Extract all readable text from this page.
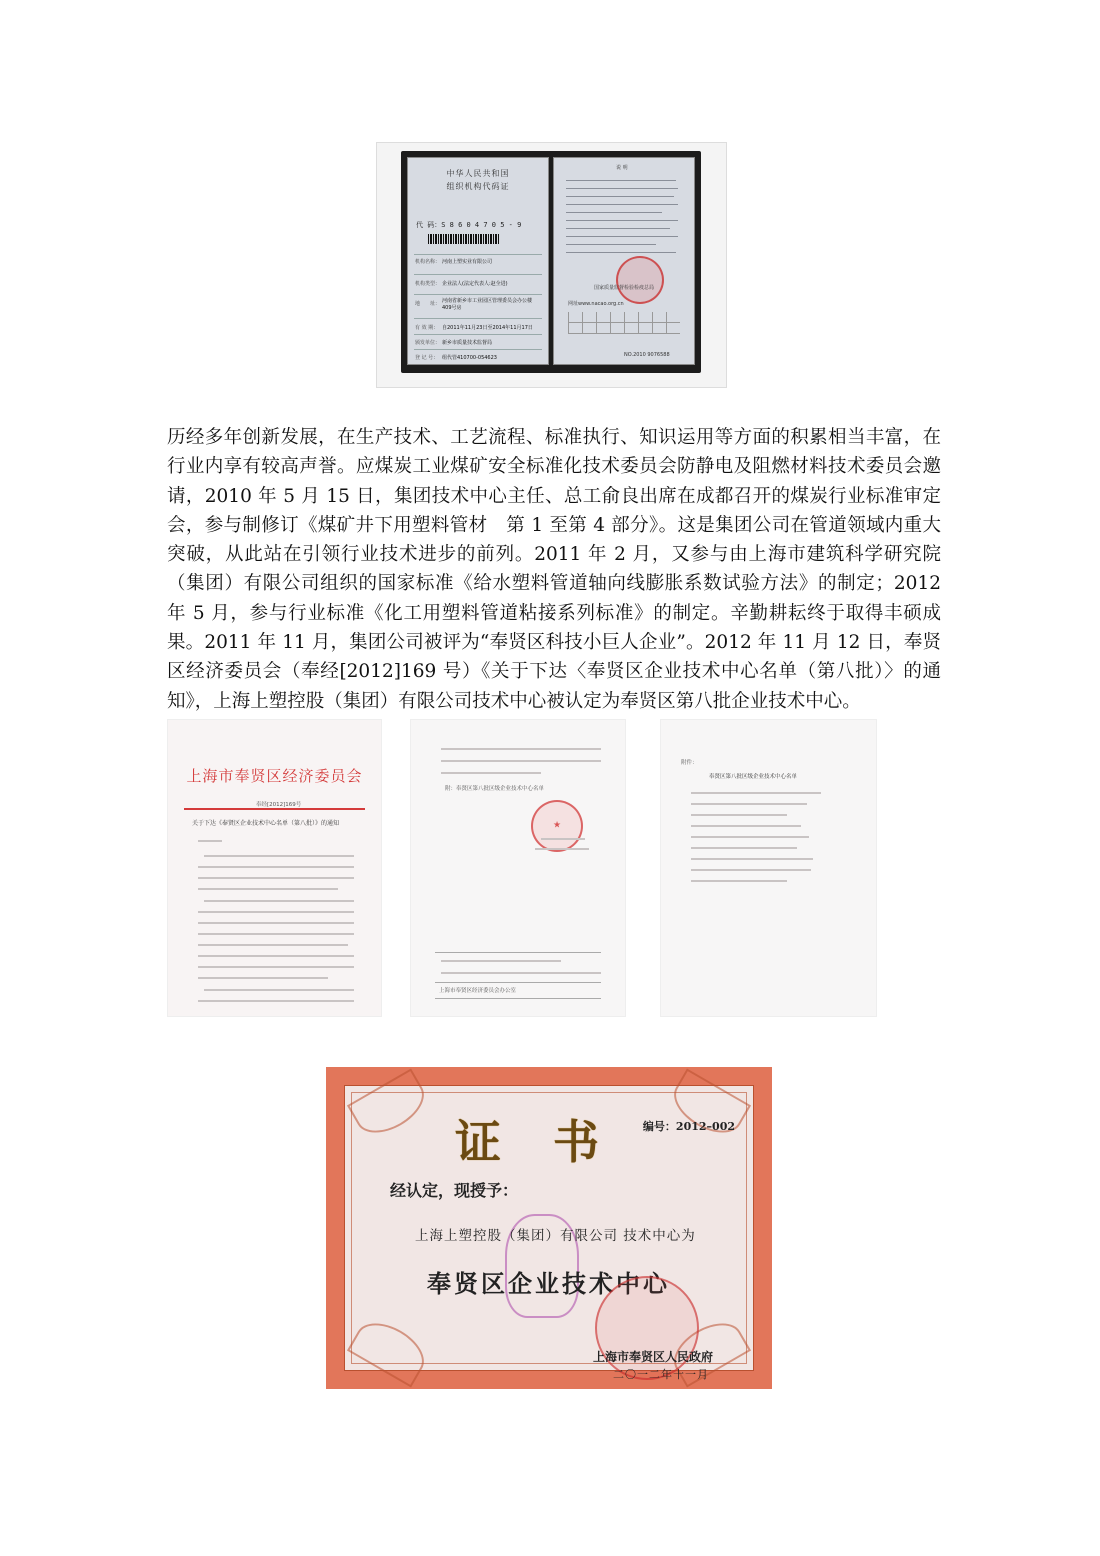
中华人民共和国
组织机构代码证
代 码：S 8 6 0 4 7 0 5 - 9
机构名称： 河南上塑实业有限公司
机构类型： 企业法人(法定代表人:赵全进)
地　　址： 河南省新乡市工业园区管理委员会办公楼409号房
有 效 期： 自2011年11月23日至2014年11月17日
颁发单位： 新乡市质量技术监督局
登 记 号： 组代管410700-054623
说 明
国家质量监督检验检疫总局
网址www.nacao.org.cn
NO.2010 9076588

历经多年创新发展，在生产技术、工艺流程、标准执行、知识运用等方面的积累相当丰富，在行业内享有较高声誉。应煤炭工业煤矿安全标准化技术委员会防静电及阻燃材料技术委员会邀请，2010 年 5 月 15 日，集团技术中心主任、总工俞良出席在成都召开的煤炭行业标准审定会，参与制修订《煤矿井下用塑料管材　第 1 至第 4 部分》。这是集团公司在管道领域内重大突破，从此站在引领行业技术进步的前列。2011 年 2 月，又参与由上海市建筑科学研究院（集团）有限公司组织的国家标准《给水塑料管道轴向线膨胀系数试验方法》的制定；2012 年 5 月，参与行业标准《化工用塑料管道粘接系列标准》的制定。辛勤耕耘终于取得丰硕成果。2011 年 11 月，集团公司被评为“奉贤区科技小巨人企业”。2012 年 11 月 12 日，奉贤区经济委员会（奉经[2012]169 号）《关于下达〈奉贤区企业技术中心名单（第八批）〉的通知》，上海上塑控股（集团）有限公司技术中心被认定为奉贤区第八批企业技术中心。

上海市奉贤区经济委员会
奉经[2012]169号
关于下达《奉贤区企业技术中心名单（第八批）》的通知
附：奉贤区第八批区级企业技术中心名单
★
上海市奉贤区经济委员会办公室
附件：
奉贤区第八批区级企业技术中心名单
证书
编号：2012–002
经认定，现授予：
上海上塑控股（集团）有限公司 技术中心为
奉贤区企业技术中心
上海市奉贤区人民政府
二〇一二年十一月
